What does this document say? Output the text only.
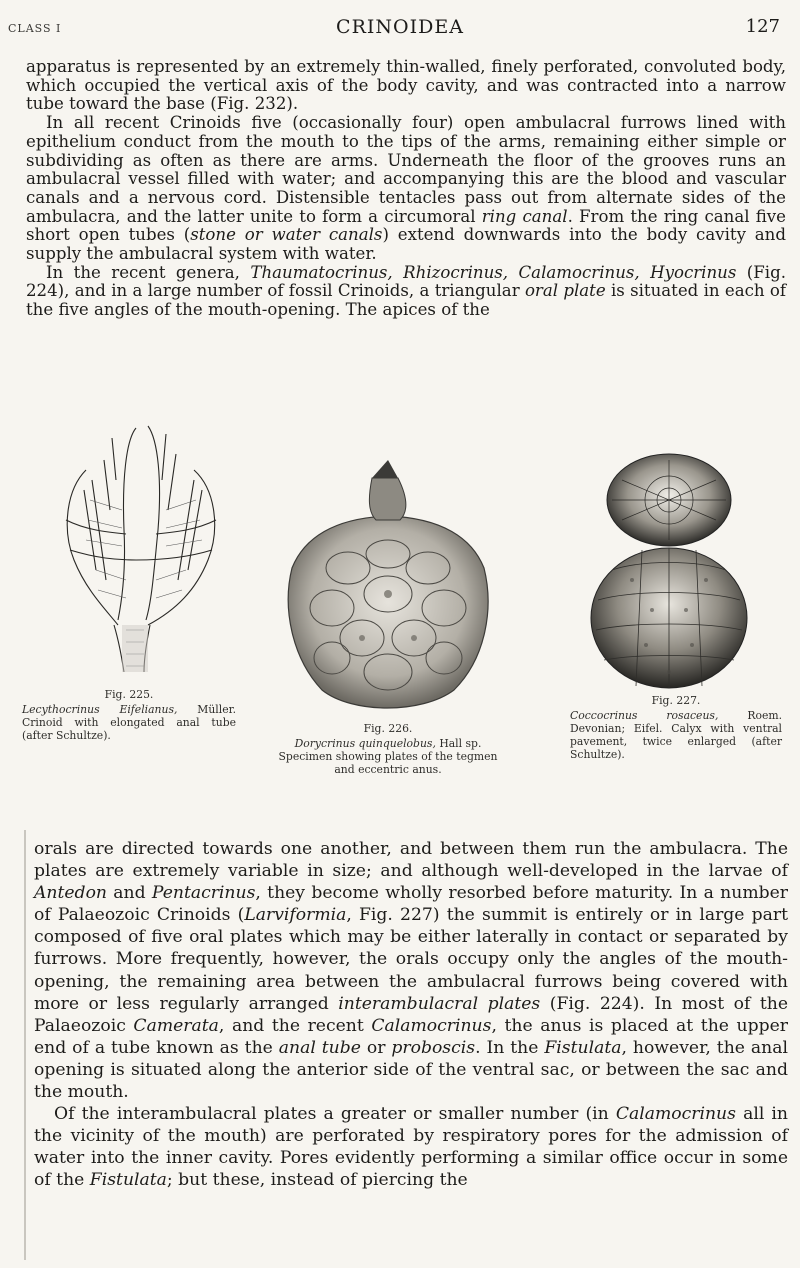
CLASS I	CRINOIDEA	127

apparatus is represented by an extremely thin-walled, finely perforated, convoluted body, which occupied the vertical axis of the body cavity, and was contracted into a narrow tube toward the base (Fig. 232).

In all recent Crinoids five (occasionally four) open ambulacral furrows lined with epithelium conduct from the mouth to the tips of the arms, remaining either simple or subdividing as often as there are arms. Underneath the floor of the grooves runs an ambulacral vessel filled with water; and accompanying this are the blood and vascular canals and a nervous cord. Distensible tentacles pass out from alternate sides of the ambulacra, and the latter unite to form a circumoral ring canal. From the ring canal five short open tubes (stone or water canals) extend downwards into the body cavity and supply the ambulacral system with water.

In the recent genera, Thaumatocrinus, Rhizocrinus, Calamocrinus, Hyocrinus (Fig. 224), and in a large number of fossil Crinoids, a triangular oral plate is situated in each of the five angles of the mouth-opening. The apices of the

Fig. 225.
Lecythocrinus Eifelianus, Müller. Crinoid with elongated anal tube (after Schultze).
Fig. 226.
Dorycrinus quinquelobus, Hall sp. Specimen showing plates of the tegmen and eccentric anus.
Fig. 227.
Coccocrinus rosaceus,	Roem. Devonian; Eifel. Calyx with ventral pavement, twice enlarged (after Schultze).

orals are directed towards one another, and between them run the ambulacra. The plates are extremely variable in size; and although well-developed in the larvae of Antedon and Pentacrinus, they become wholly resorbed before maturity. In a number of Palaeozoic Crinoids (Larviformia, Fig. 227) the summit is entirely or in large part composed of five oral plates which may be either laterally in contact or separated by furrows. More frequently, however, the orals occupy only the angles of the mouth-opening, the remaining area between the ambulacral furrows being covered with more or less regularly arranged interambulacral plates (Fig. 224). In most of the Palaeozoic Camerata, and the recent Calamocrinus, the anus is placed at the upper end of a tube known as the anal tube or proboscis. In the Fistulata, however, the anal opening is situated along the anterior side of the ventral sac, or between the sac and the mouth.

Of the interambulacral plates a greater or smaller number (in Calamocrinus all in the vicinity of the mouth) are perforated by respiratory pores for the admission of water into the inner cavity. Pores evidently performing a similar office occur in some of the Fistulata; but these, instead of piercing the
